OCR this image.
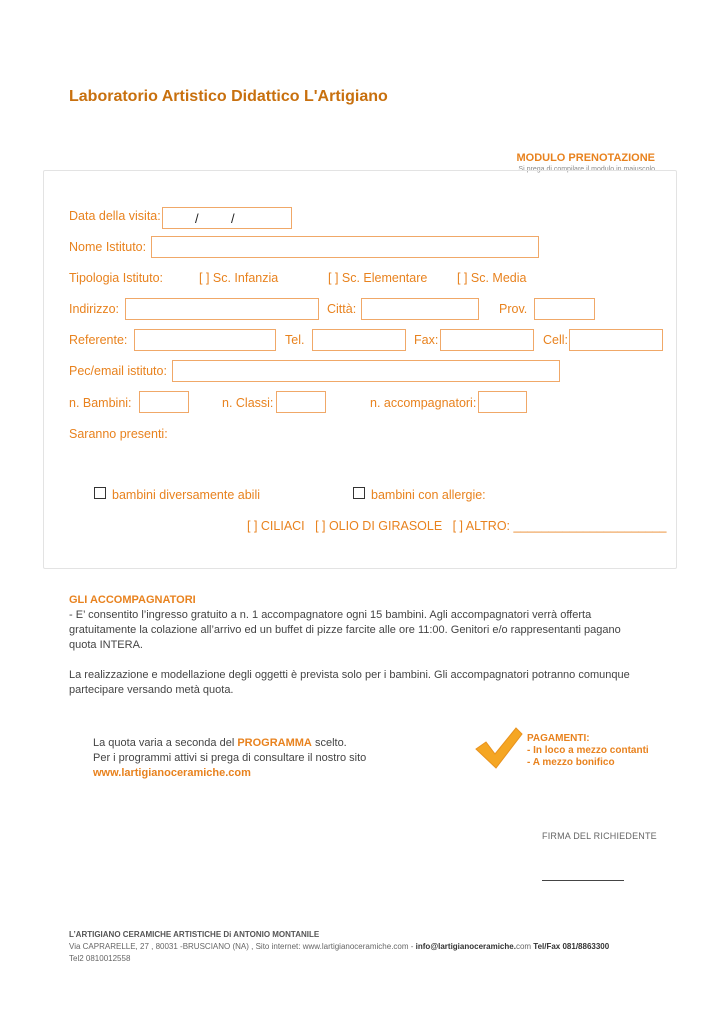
Laboratorio Artistico Didattico L'Artigiano
MODULO PRENOTAZIONE
Si prega di compilare il modulo in maiuscolo
Data della visita:	/ /
Nome Istituto:
Tipologia Istituto:	[ ] Sc. Infanzia	[ ] Sc. Elementare [ ] Sc. Media
Indirizzo:	Città:	Prov.
Referente:	Tel.	Fax:	Cell:
Pec/email istituto:
n. Bambini:	n. Classi:	n. accompagnatori:
Saranno presenti:
bambini diversamente abili	bambini con allergie:
[ ] CILIACI   [ ] OLIO DI GIRASOLE   [ ] ALTRO: ______________________
GLI ACCOMPAGNATORI
- E’ consentito l’ingresso gratuito a n. 1 accompagnatore ogni 15 bambini. Agli accompagnatori verrà offerta
gratuitamente la colazione all’arrivo ed un buffet di pizze farcite alle ore 11:00. Genitori e/o rappresentanti pagano
quota INTERA.
La realizzazione e modellazione degli oggetti è prevista solo per i bambini. Gli accompagnatori potranno comunque
partecipare versando metà quota.
La quota varia a seconda del PROGRAMMA scelto.
Per i programmi attivi si prega di consultare il nostro sito
www.lartigianoceramiche.com
PAGAMENTI:
- In loco a mezzo contanti
- A mezzo bonifico
FIRMA DEL RICHIEDENTE
L’ARTIGIANO CERAMICHE ARTISTICHE Di ANTONIO MONTANILE
Via CAPRARELLE, 27 , 80031 -BRUSCIANO (NA) , Sito internet: www.lartigianoceramiche.com - info@lartigianoceramiche.com Tel/Fax 081/8863300
Tel2 0810012558
